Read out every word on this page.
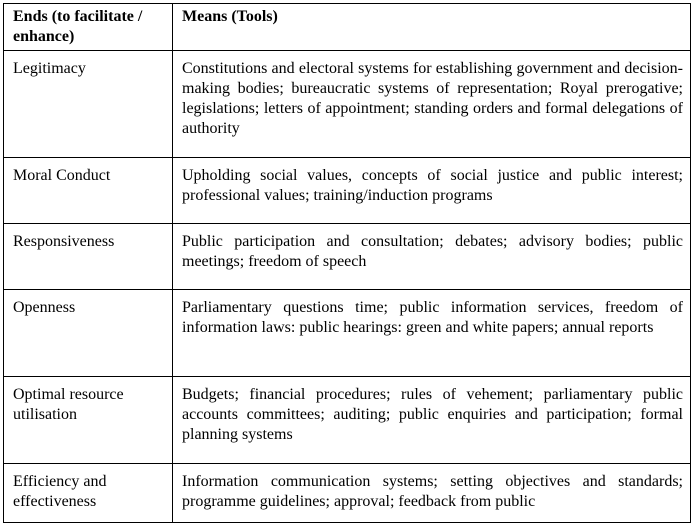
Ends (to facilitate / enhance)	Means (Tools)
Legitimacy	Constitutions and electoral systems for establishing government and decision-making bodies; bureaucratic systems of representation; Royal prerogative; legislations; letters of appointment; standing orders and formal delegations of authority
Moral Conduct	Upholding social values, concepts of social justice and public interest; professional values; training/induction programs
Responsiveness	Public participation and consultation; debates; advisory bodies; public meetings; freedom of speech
Openness	Parliamentary questions time; public information services, freedom of information laws: public hearings: green and white papers; annual reports
Optimal resource utilisation	Budgets; financial procedures; rules of vehement; parliamentary public accounts committees; auditing; public enquiries and participation; formal planning systems
Efficiency and effectiveness	Information communication systems; setting objectives and standards; programme guidelines; approval; feedback from public
